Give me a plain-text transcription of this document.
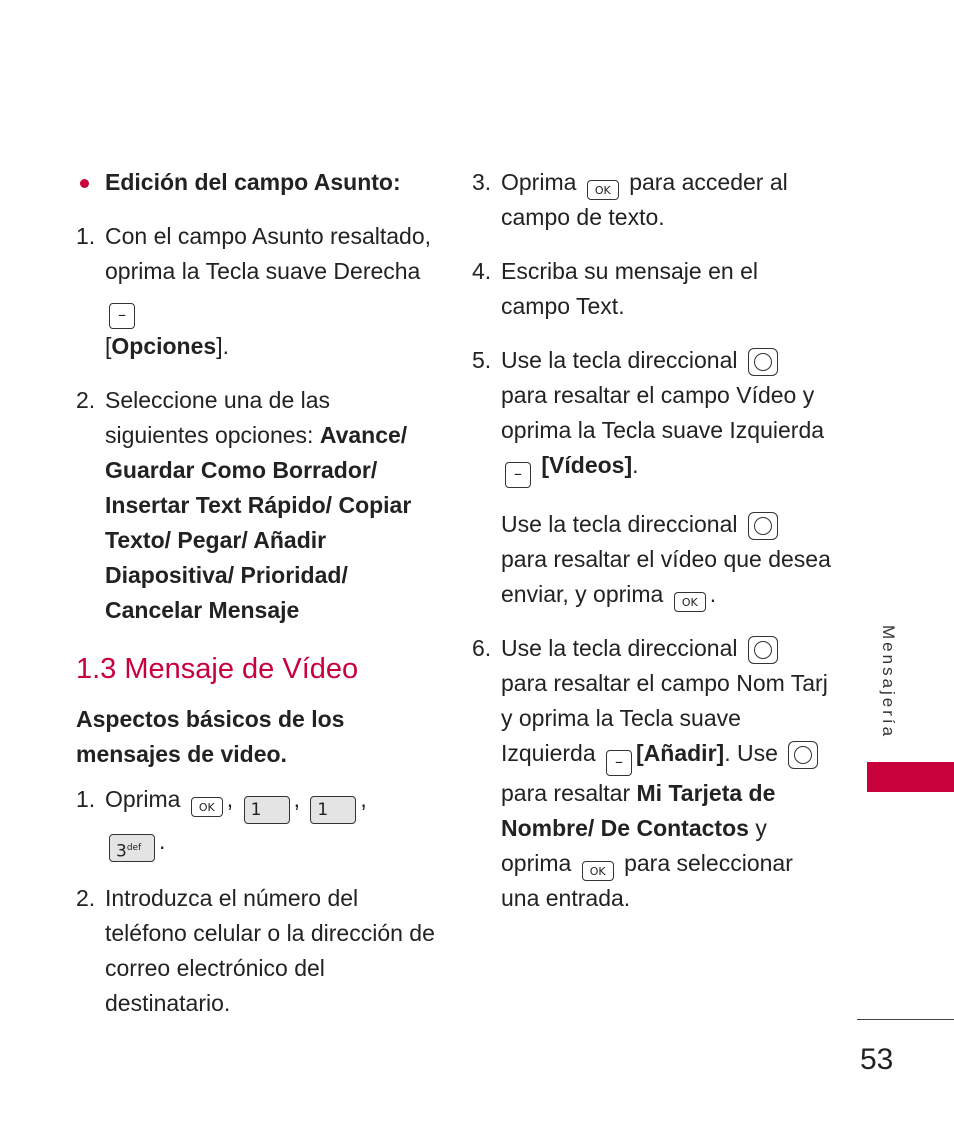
Edición del campo Asunto:
1. Con el campo Asunto resaltado, oprima la Tecla suave Derecha –
[Opciones].
2. Seleccione una de las siguientes opciones: Avance/ Guardar Como Borrador/ Insertar Text Rápido/ Copiar Texto/ Pegar/ Añadir Diapositiva/ Prioridad/ Cancelar Mensaje
1.3 Mensaje de Vídeo
Aspectos básicos de los mensajes de video.
1. Oprima OK , 1 , 1 ,
$3^{def}$ .
2. Introduzca el número del teléfono celular o la dirección de correo electrónico del destinatario.
3. Oprima OK para acceder al campo de texto.
4. Escriba su mensaje en el campo Text.
5. Use la tecla direccional
para resaltar el campo Vídeo y oprima la Tecla suave Izquierda – [Vídeos].
Use la tecla direccional
para resaltar el vídeo que desea enviar, y oprima OK .
6. Use la tecla direccional
para resaltar el campo Nom Tarj y oprima la Tecla suave Izquierda – [Añadir]. Use
para resaltar Mi Tarjeta de Nombre/ De Contactos y oprima OK para seleccionar una entrada.
Mensajería
53
